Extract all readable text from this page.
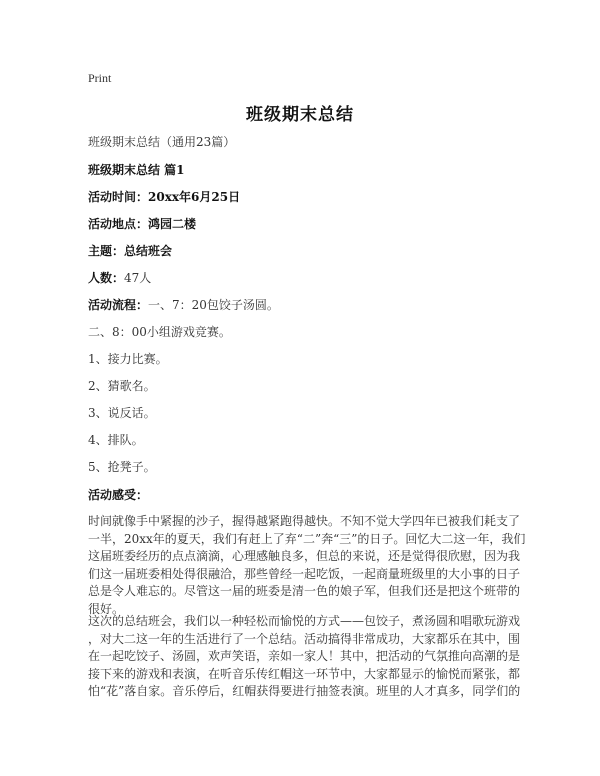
Print
班级期末总结
班级期末总结（通用23篇）
班级期末总结 篇1
活动时间：20xx年6月25日
活动地点：鸿园二楼
主题：总结班会
人数：47人
活动流程：一、7：20包饺子汤圆。
二、8：00小组游戏竞赛。
1、接力比赛。
2、猜歌名。
3、说反话。
4、排队。
5、抢凳子。
活动感受：
时间就像手中紧握的沙子，握得越紧跑得越快。不知不觉大学四年已被我们耗支了
一半，20xx年的夏天，我们有赶上了弃“二”奔“三”的日子。回忆大二这一年，我们
这届班委经历的点点滴滴，心理感触良多，但总的来说，还是觉得很欣慰，因为我
们这一届班委相处得很融洽，那些曾经一起吃饭，一起商量班级里的大小事的日子
总是令人难忘的。尽管这一届的班委是清一色的娘子军，但我们还是把这个班带的
很好。
这次的总结班会，我们以一种轻松而愉悦的方式——包饺子，煮汤圆和唱歌玩游戏
，对大二这一年的生活进行了一个总结。活动搞得非常成功，大家都乐在其中，围
在一起吃饺子、汤圆，欢声笑语，亲如一家人！其中，把活动的气氛推向高潮的是
接下来的游戏和表演，在听音乐传红帽这一环节中，大家都显示的愉悦而紧张，都
怕“花”落自家。音乐停后，红帽获得要进行抽签表演。班里的人才真多，同学们的
